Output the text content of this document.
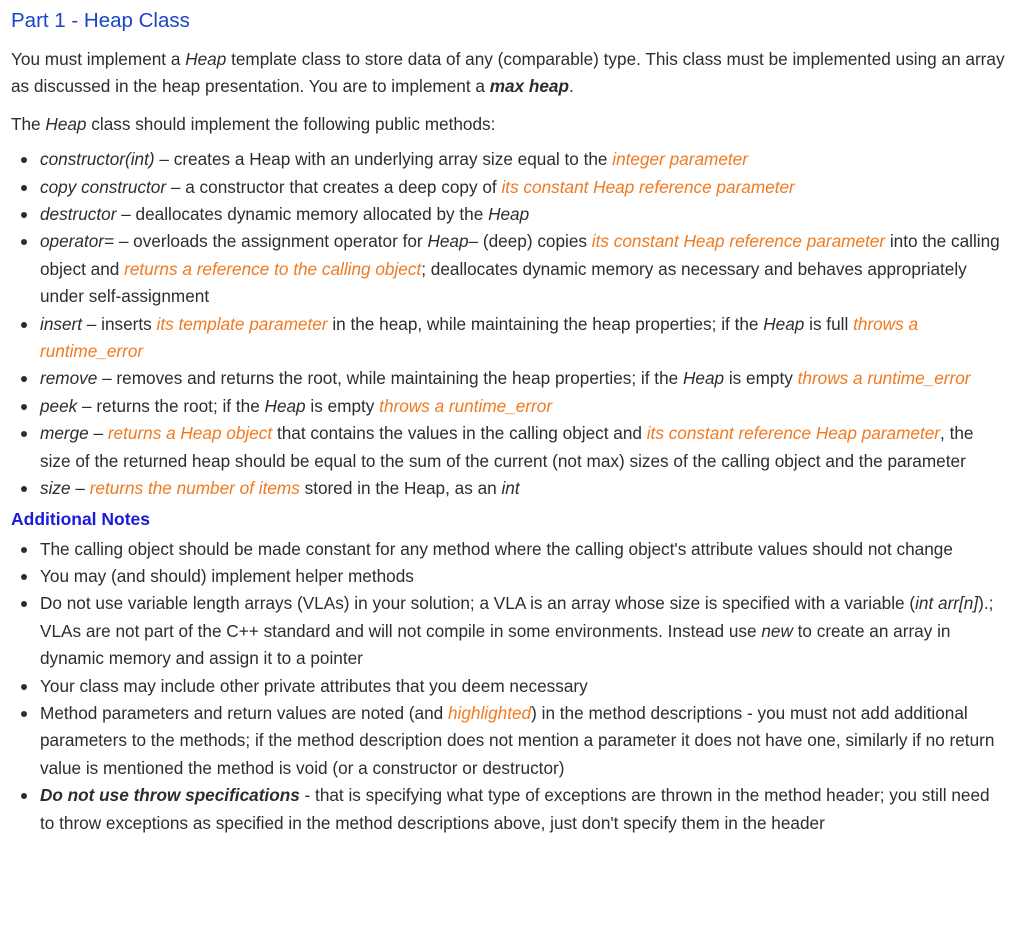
Part 1 - Heap Class

You must implement a Heap template class to store data of any (comparable) type. This class must be implemented using an array as discussed in the heap presentation. You are to implement a max heap.

The Heap class should implement the following public methods:

constructor(int) – creates a Heap with an underlying array size equal to the integer parameter
copy constructor – a constructor that creates a deep copy of its constant Heap reference parameter
destructor – deallocates dynamic memory allocated by the Heap
operator= – overloads the assignment operator for Heap– (deep) copies its constant Heap reference parameter into the calling object and returns a reference to the calling object; deallocates dynamic memory as necessary and behaves appropriately under self-assignment
insert – inserts its template parameter in the heap, while maintaining the heap properties; if the Heap is full throws a runtime_error
remove – removes and returns the root, while maintaining the heap properties; if the Heap is empty throws a runtime_error
peek – returns the root; if the Heap is empty throws a runtime_error
merge – returns a Heap object that contains the values in the calling object and its constant reference Heap parameter, the size of the returned heap should be equal to the sum of the current (not max) sizes of the calling object and the parameter
size – returns the number of items stored in the Heap, as an int
Additional Notes
The calling object should be made constant for any method where the calling object's attribute values should not change
You may (and should) implement helper methods
Do not use variable length arrays (VLAs) in your solution; a VLA is an array whose size is specified with a variable (int arr[n]).; VLAs are not part of the C++ standard and will not compile in some environments. Instead use new to create an array in dynamic memory and assign it to a pointer
Your class may include other private attributes that you deem necessary
Method parameters and return values are noted (and highlighted) in the method descriptions - you must not add additional parameters to the methods; if the method description does not mention a parameter it does not have one, similarly if no return value is mentioned the method is void (or a constructor or destructor)
Do not use throw specifications - that is specifying what type of exceptions are thrown in the method header; you still need to throw exceptions as specified in the method descriptions above, just don't specify them in the header
